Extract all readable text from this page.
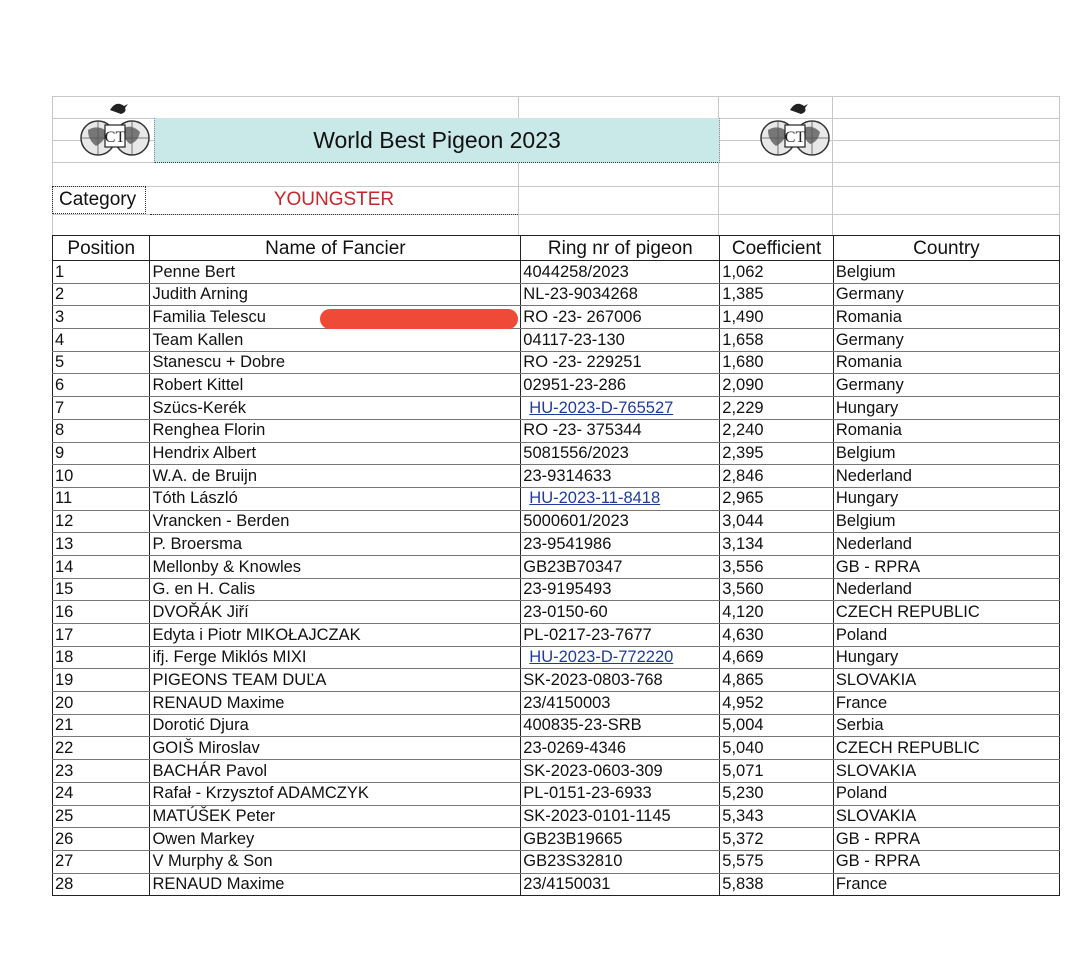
CT	World Best Pigeon 2023	CT
Category	YOUNGSTER
Position	Name of Fancier	Ring nr of pigeon	Coefficient	Country
1	Penne Bert	4044258/2023	1,062	Belgium
2	Judith Arning	NL-23-9034268	1,385	Germany
3	Familia Telescu	RO -23- 267006	1,490	Romania
4	Team Kallen	04117-23-130	1,658	Germany
5	Stanescu + Dobre	RO -23- 229251	1,680	Romania
6	Robert Kittel	02951-23-286	2,090	Germany
7	Szücs-Kerék	HU-2023-D-765527	2,229	Hungary
8	Renghea Florin	RO -23- 375344	2,240	Romania
9	Hendrix Albert	5081556/2023	2,395	Belgium
10	W.A. de Bruijn	23-9314633	2,846	Nederland
11	Tóth László	HU-2023-11-8418	2,965	Hungary
12	Vrancken - Berden	5000601/2023	3,044	Belgium
13	P. Broersma	23-9541986	3,134	Nederland
14	Mellonby & Knowles	GB23B70347	3,556	GB - RPRA
15	G. en H. Calis	23-9195493	3,560	Nederland
16	DVOŘÁK Jiří	23-0150-60	4,120	CZECH REPUBLIC
17	Edyta i Piotr MIKOŁAJCZAK	PL-0217-23-7677	4,630	Poland
18	ifj. Ferge Miklós MIXI	HU-2023-D-772220	4,669	Hungary
19	PIGEONS TEAM DUĽA	SK-2023-0803-768	4,865	SLOVAKIA
20	RENAUD Maxime	23/4150003	4,952	France
21	Dorotić Djura	400835-23-SRB	5,004	Serbia
22	GOIŠ Miroslav	23-0269-4346	5,040	CZECH REPUBLIC
23	BACHÁR Pavol	SK-2023-0603-309	5,071	SLOVAKIA
24	Rafał - Krzysztof ADAMCZYK	PL-0151-23-6933	5,230	Poland
25	MATÚŠEK Peter	SK-2023-0101-1145	5,343	SLOVAKIA
26	Owen Markey	GB23B19665	5,372	GB - RPRA
27	V Murphy & Son	GB23S32810	5,575	GB - RPRA
28	RENAUD Maxime	23/4150031	5,838	France
